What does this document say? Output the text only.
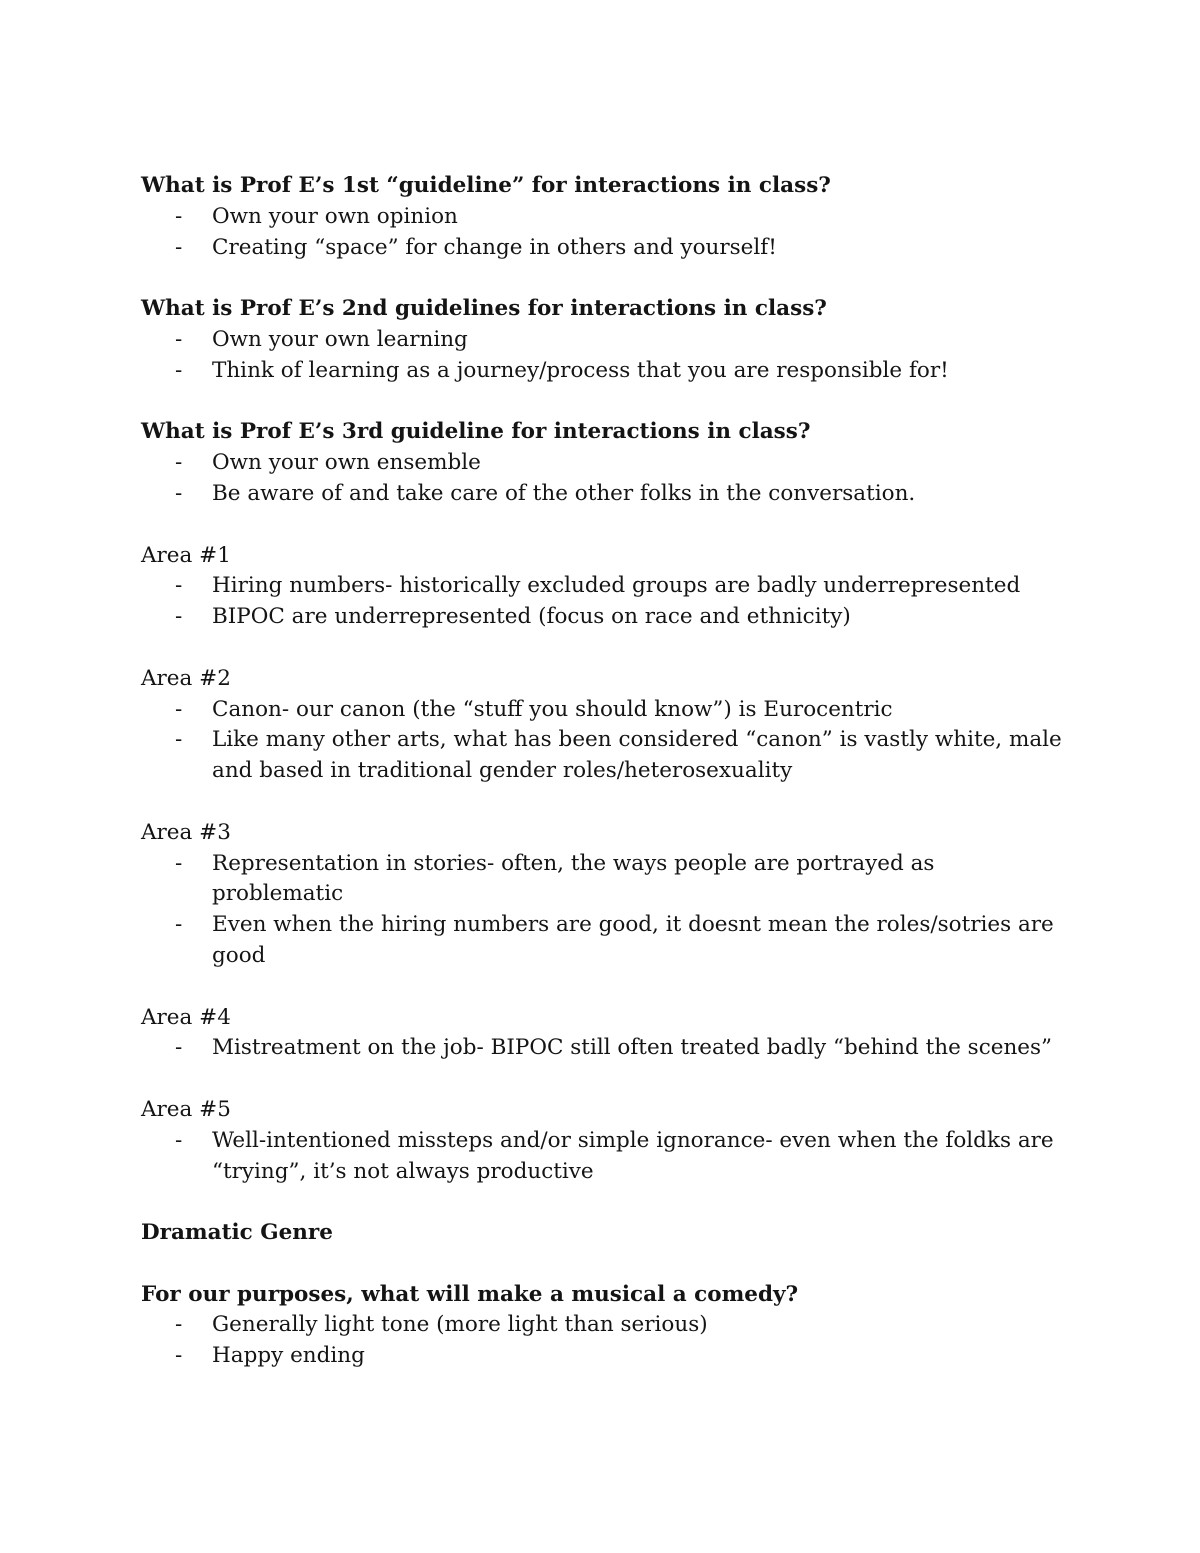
What is Prof E’s 1st “guideline” for interactions in class?

- Own your own opinion
- Creating “space” for change in others and yourself!

What is Prof E’s 2nd guidelines for interactions in class?

- Own your own learning
- Think of learning as a journey/process that you are responsible for!

What is Prof E’s 3rd guideline for interactions in class?

- Own your own ensemble
- Be aware of and take care of the other folks in the conversation.

Area #1

- Hiring numbers- historically excluded groups are badly underrepresented
- BIPOC are underrepresented (focus on race and ethnicity)

Area #2

- Canon- our canon (the “stuff you should know”) is Eurocentric
- Like many other arts, what has been considered “canon” is vastly white, male and based in traditional gender roles/heterosexuality

Area #3

- Representation in stories- often, the ways people are portrayed as problematic
- Even when the hiring numbers are good, it doesnt mean the roles/sotries are good

Area #4

- Mistreatment on the job- BIPOC still often treated badly “behind the scenes”

Area #5

- Well-intentioned missteps and/or simple ignorance- even when the foldks are “trying”, it’s not always productive

Dramatic Genre

For our purposes, what will make a musical a comedy?

- Generally light tone (more light than serious)
- Happy ending
